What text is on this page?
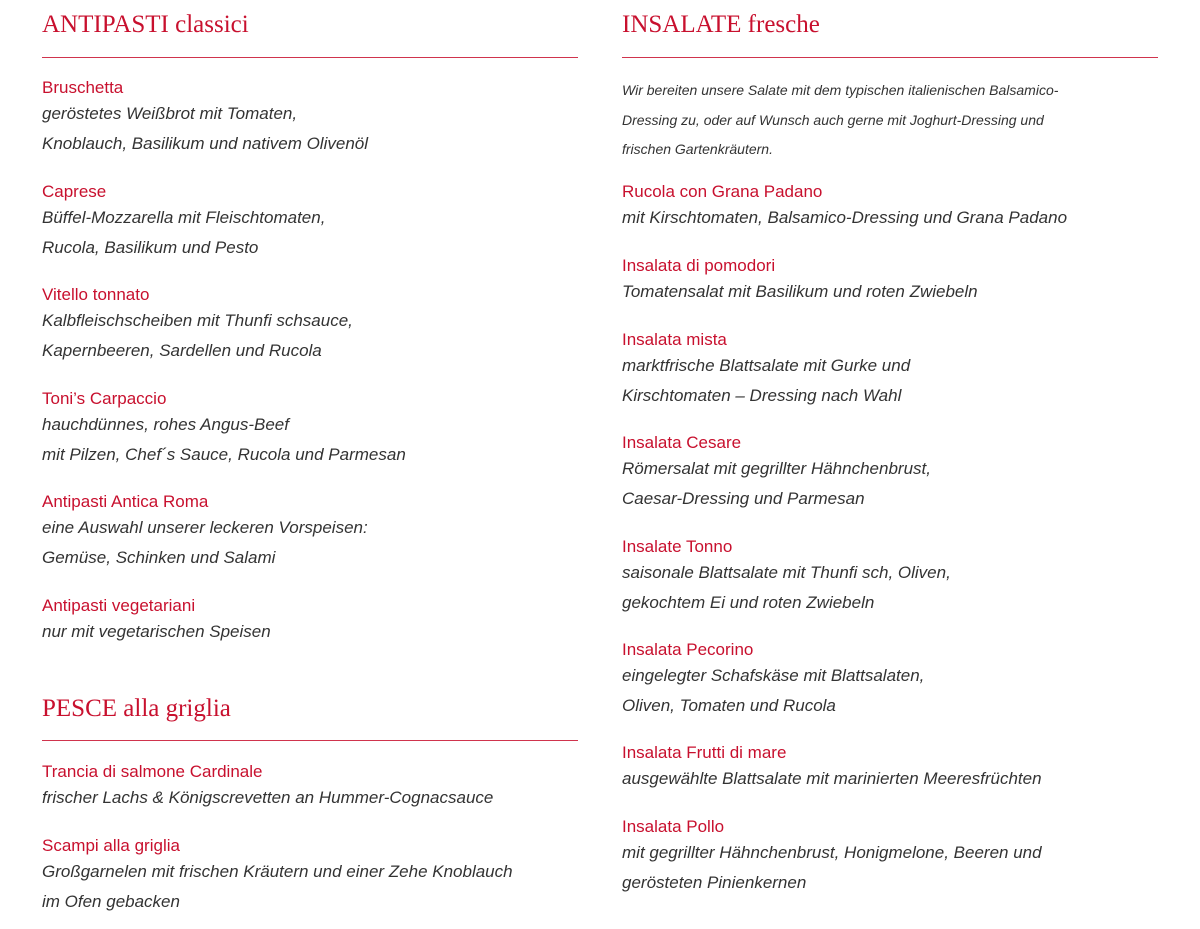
ANTIPASTI classici
Bruschetta
geröstetes Weißbrot mit Tomaten,
Knoblauch, Basilikum und nativem Olivenöl
Caprese
Büffel-Mozzarella mit Fleischtomaten,
Rucola, Basilikum und Pesto
Vitello tonnato
Kalbfleischscheiben mit Thunfi schsauce,
Kapernbeeren, Sardellen und Rucola
Toni’s Carpaccio
hauchdünnes, rohes Angus-Beef
mit Pilzen, Chef´s Sauce, Rucola und Parmesan
Antipasti Antica Roma
eine Auswahl unserer leckeren Vorspeisen:
Gemüse, Schinken und Salami
Antipasti vegetariani
nur mit vegetarischen Speisen
PESCE alla griglia
Trancia di salmone Cardinale
frischer Lachs & Königscrevetten an Hummer-Cognacsauce
Scampi alla griglia
Großgarnelen mit frischen Kräutern und einer Zehe Knoblauch
im Ofen gebacken
INSALATE fresche
Wir bereiten unsere Salate mit dem typischen italienischen Balsamico-
Dressing zu, oder auf Wunsch auch gerne mit Joghurt-Dressing und
frischen Gartenkräutern.
Rucola con Grana Padano
mit Kirschtomaten, Balsamico-Dressing und Grana Padano
Insalata di pomodori
Tomatensalat mit Basilikum und roten Zwiebeln
Insalata mista
marktfrische Blattsalate mit Gurke und
Kirschtomaten – Dressing nach Wahl
Insalata Cesare
Römersalat mit gegrillter Hähnchenbrust,
Caesar-Dressing und Parmesan
Insalate Tonno
saisonale Blattsalate mit Thunfi sch, Oliven,
gekochtem Ei und roten Zwiebeln
Insalata Pecorino
eingelegter Schafskäse mit Blattsalaten,
Oliven, Tomaten und Rucola
Insalata Frutti di mare
ausgewählte Blattsalate mit marinierten Meeresfrüchten
Insalata Pollo
mit gegrillter Hähnchenbrust, Honigmelone, Beeren und
gerösteten Pinienkernen
